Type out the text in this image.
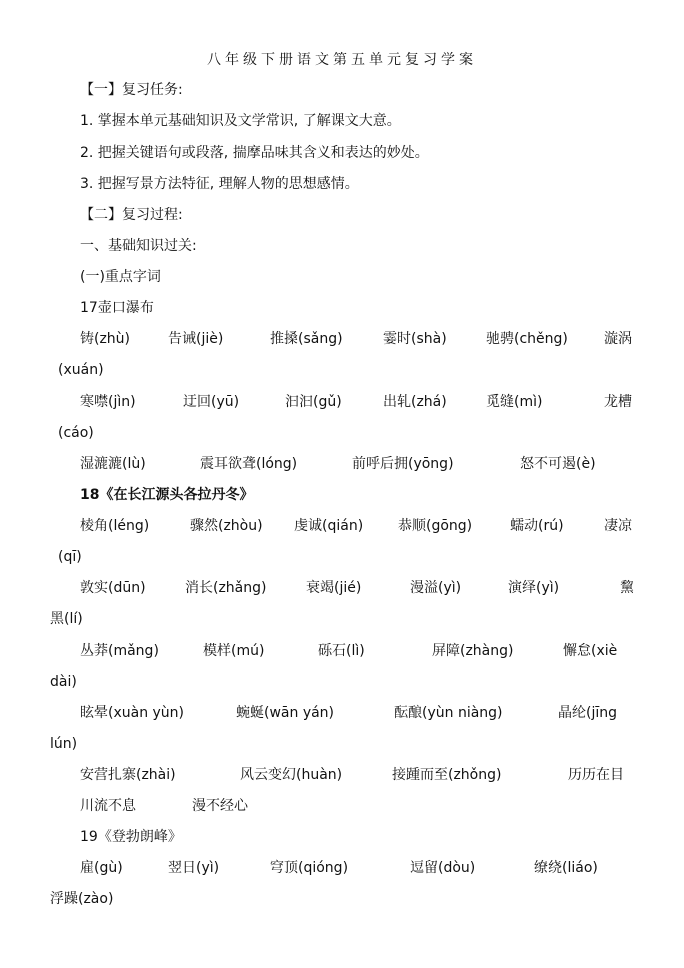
八年级下册语文第五单元复习学案
【一】复习任务:
1. 掌握本单元基础知识及文学常识, 了解课文大意。
2. 把握关键语句或段落, 揣摩品味其含义和表达的妙处。
3. 把握写景方法特征, 理解人物的思想感情。
【二】复习过程:
一、基础知识过关:
(一)重点字词
17壶口瀑布
铸(zhù)	告诫(jiè)	推搡(sǎng)	霎时(shà)	驰骋(chěng)	漩涡
(xuán)
寒噤(jìn)	迂回(yū)	汩汩(gǔ)	出轧(zhá)	觅缝(mì)	龙槽
(cáo)
湿漉漉(lù)	震耳欲聋(lóng)	前呼后拥(yōng)	怒不可遏(è)
18《在长江源头各拉丹冬》
棱角(léng)	骤然(zhòu) 虔诚(qián) 恭顺(gōng)	蠕动(rú)	凄凉
(qī)
敦实(dūn)	消长(zhǎng)	衰竭(jié)	漫溢(yì)	演绎(yì)	黧
黑(lí)
丛莽(mǎng)	模样(mú)	砾石(lì)	屏障(zhàng)	懈怠(xiè
dài)
眩晕(xuàn yùn)	蜿蜒(wān yán)	酝酿(yùn niàng)	晶纶(jīng
lún)
安营扎寨(zhài)	风云变幻(huàn)	接踵而至(zhǒng)	历历在目
川流不息	漫不经心
19《登勃朗峰》
雇(gù)	翌日(yì)	穹顶(qióng)	逗留(dòu)	缭绕(liáo)
浮躁(zào)
